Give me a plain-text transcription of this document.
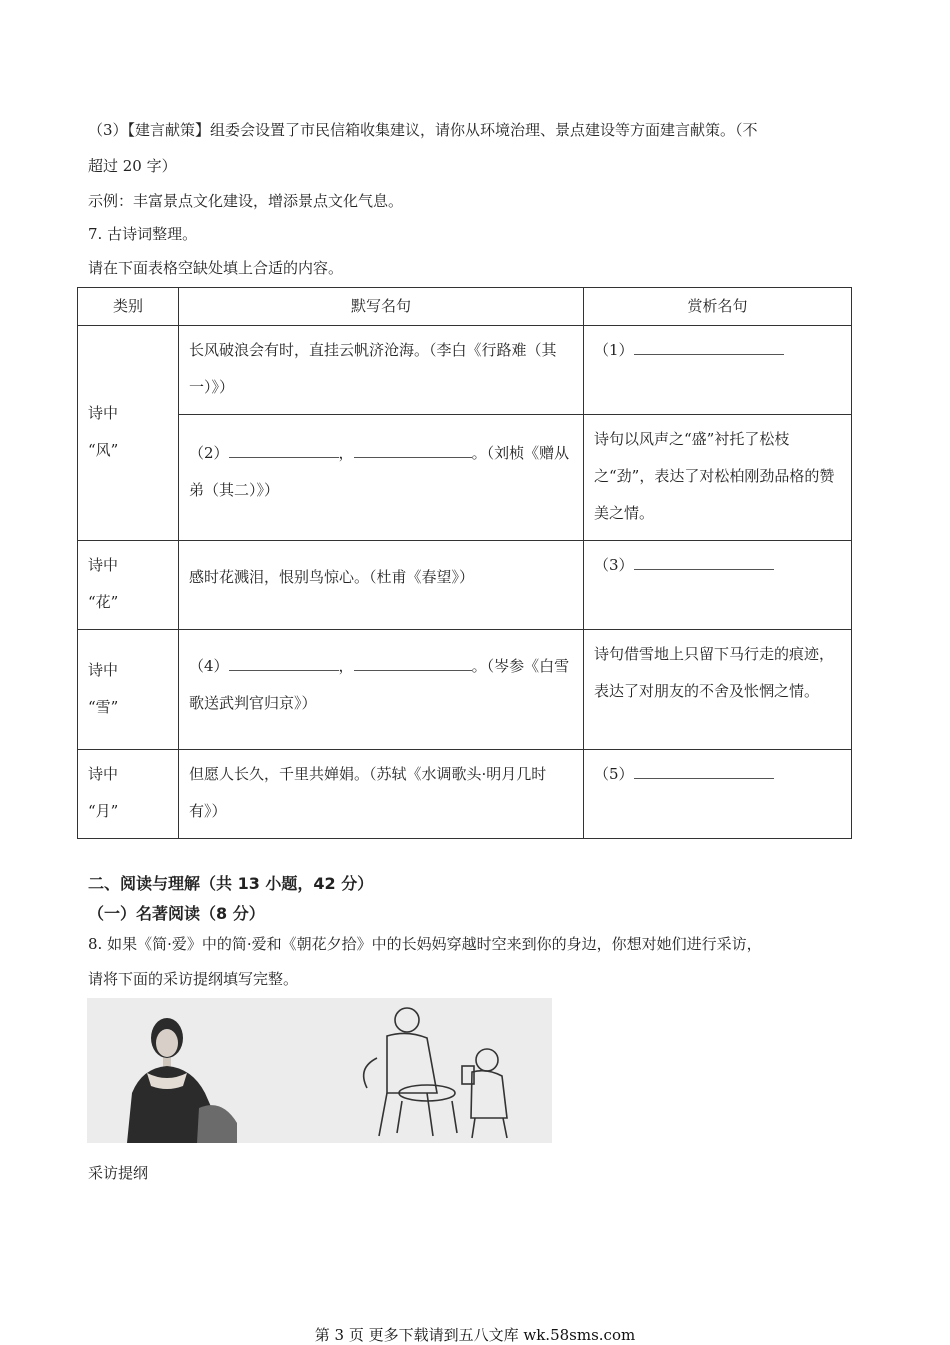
（3）【建言献策】组委会设置了市民信箱收集建议，请你从环境治理、景点建设等方面建言献策。（不
超过 20 字）
示例：丰富景点文化建设，增添景点文化气息。
7. 古诗词整理。
请在下面表格空缺处填上合适的内容。
类别	默写名句	赏析名句

诗中
“风”	长风破浪会有时，直挂云帆济沧海。（李白《行路难（其一）》）	（1）
	（2） ， 。（刘桢《赠从弟（其二）》）	诗句以风声之“盛”衬托了松枝之“劲”，表达了对松柏刚劲品格的赞美之情。

诗中
“花”	感时花溅泪，恨别鸟惊心。（杜甫《春望》）	（3）

诗中
“雪”	（4） ， 。（岑参《白雪歌送武判官归京》）	诗句借雪地上只留下马行走的痕迹，表达了对朋友的不舍及怅惘之情。

诗中
“月”	但愿人长久，千里共婵娟。（苏轼《水调歌头·明月几时有》）	（5）
二、阅读与理解（共 13 小题，42 分）
（一）名著阅读（8 分）
8. 如果《简·爱》中的简·爱和《朝花夕拾》中的长妈妈穿越时空来到你的身边，你想对她们进行采访，
请将下面的采访提纲填写完整。
采访提纲
第 3 页 更多下载请到五八文库 wk.58sms.com
